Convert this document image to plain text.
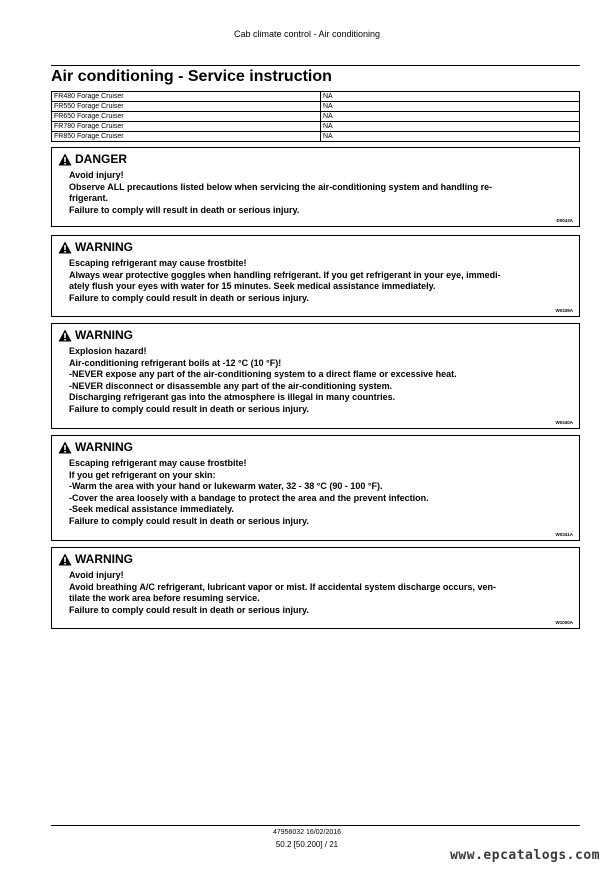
Cab climate control - Air conditioning
Air conditioning - Service instruction
FR480 Forage Cruiser	NA
FR550 Forage Cruiser	NA
FR650 Forage Cruiser	NA
FR780 Forage Cruiser	NA
FR850 Forage Cruiser	NA
DANGER
Avoid injury!
Observe ALL precautions listed below when servicing the air-conditioning system and handling re-
frigerant.
Failure to comply will result in death or serious injury.
D0043A
WARNING
Escaping refrigerant may cause frostbite!
Always wear protective goggles when handling refrigerant. If you get refrigerant in your eye, immedi-
ately flush your eyes with water for 15 minutes. Seek medical assistance immediately.
Failure to comply could result in death or serious injury.
W0339A
WARNING
Explosion hazard!
Air-conditioning refrigerant boils at -12 °C (10 °F)!
-NEVER expose any part of the air-conditioning system to a direct flame or excessive heat.
-NEVER disconnect or disassemble any part of the air-conditioning system.
Discharging refrigerant gas into the atmosphere is illegal in many countries.
Failure to comply could result in death or serious injury.
W0340A
WARNING
Escaping refrigerant may cause frostbite!
If you get refrigerant on your skin:
-Warm the area with your hand or lukewarm water, 32 - 38 °C (90 - 100 °F).
-Cover the area loosely with a bandage to protect the area and the prevent infection.
-Seek medical assistance immediately.
Failure to comply could result in death or serious injury.
W0341A
WARNING
Avoid injury!
Avoid breathing A/C refrigerant, lubricant vapor or mist. If accidental system discharge occurs, ven-
tilate the work area before resuming service.
Failure to comply could result in death or serious injury.
W1000A
47956032 16/02/2016
50.2 [50.200] / 21
www.epcatalogs.com
